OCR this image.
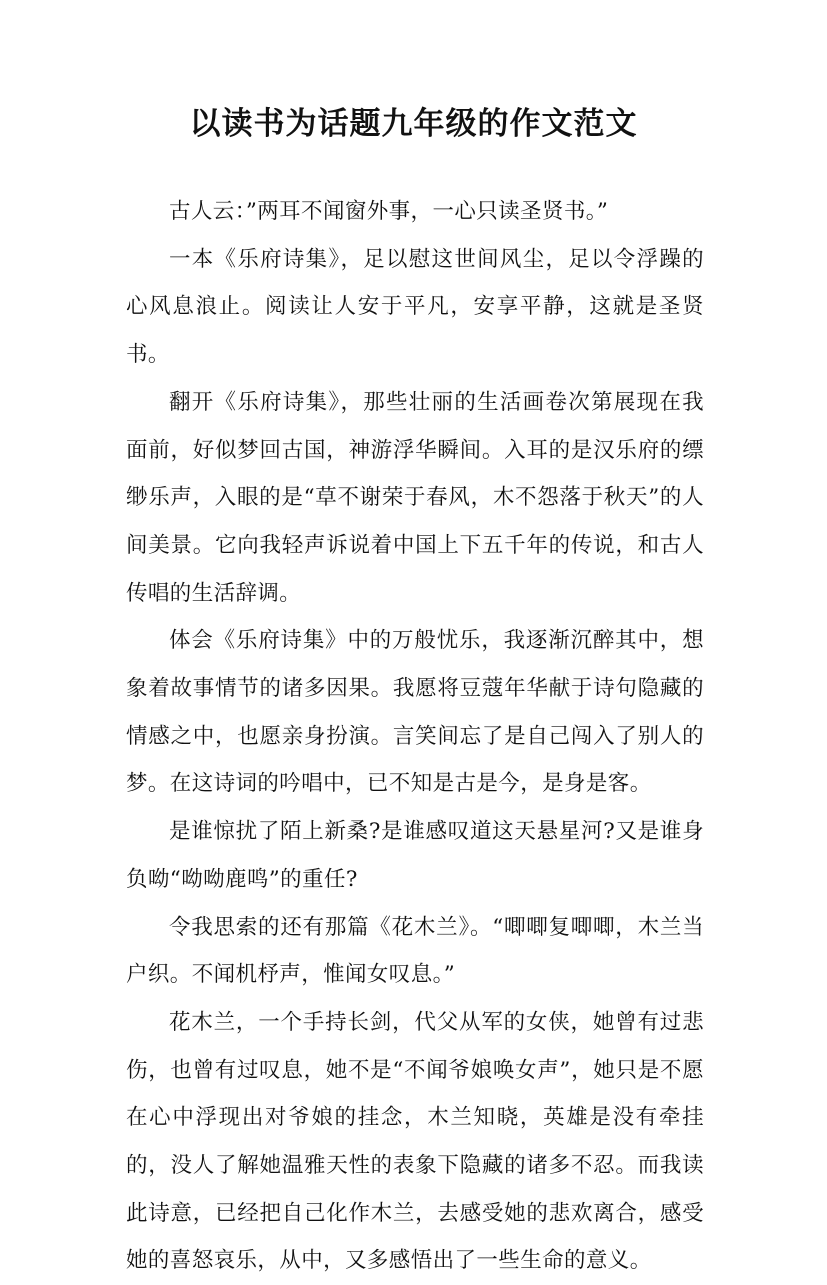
以读书为话题九年级的作文范文

古人云：”两耳不闻窗外事，一心只读圣贤书。”

一本《乐府诗集》，足以慰这世间风尘，足以令浮躁的心风息浪止。阅读让人安于平凡，安享平静，这就是圣贤书。

翻开《乐府诗集》，那些壮丽的生活画卷次第展现在我面前，好似梦回古国，神游浮华瞬间。入耳的是汉乐府的缥缈乐声，入眼的是“草不谢荣于春风，木不怨落于秋天”的人间美景。它向我轻声诉说着中国上下五千年的传说，和古人传唱的生活辞调。

体会《乐府诗集》中的万般忧乐，我逐渐沉醉其中，想象着故事情节的诸多因果。我愿将豆蔻年华献于诗句隐藏的情感之中，也愿亲身扮演。言笑间忘了是自己闯入了别人的梦。在这诗词的吟唱中，已不知是古是今，是身是客。

是谁惊扰了陌上新桑?是谁感叹道这天悬星河?又是谁身负呦“呦呦鹿鸣”的重任?

令我思索的还有那篇《花木兰》。“唧唧复唧唧，木兰当户织。不闻机杼声，惟闻女叹息。”

花木兰，一个手持长剑，代父从军的女侠，她曾有过悲伤，也曾有过叹息，她不是“不闻爷娘唤女声”，她只是不愿在心中浮现出对爷娘的挂念，木兰知晓，英雄是没有牵挂的，没人了解她温雅天性的表象下隐藏的诸多不忍。而我读此诗意，已经把自己化作木兰，去感受她的悲欢离合，感受她的喜怒哀乐，从中，又多感悟出了一些生命的意义。
